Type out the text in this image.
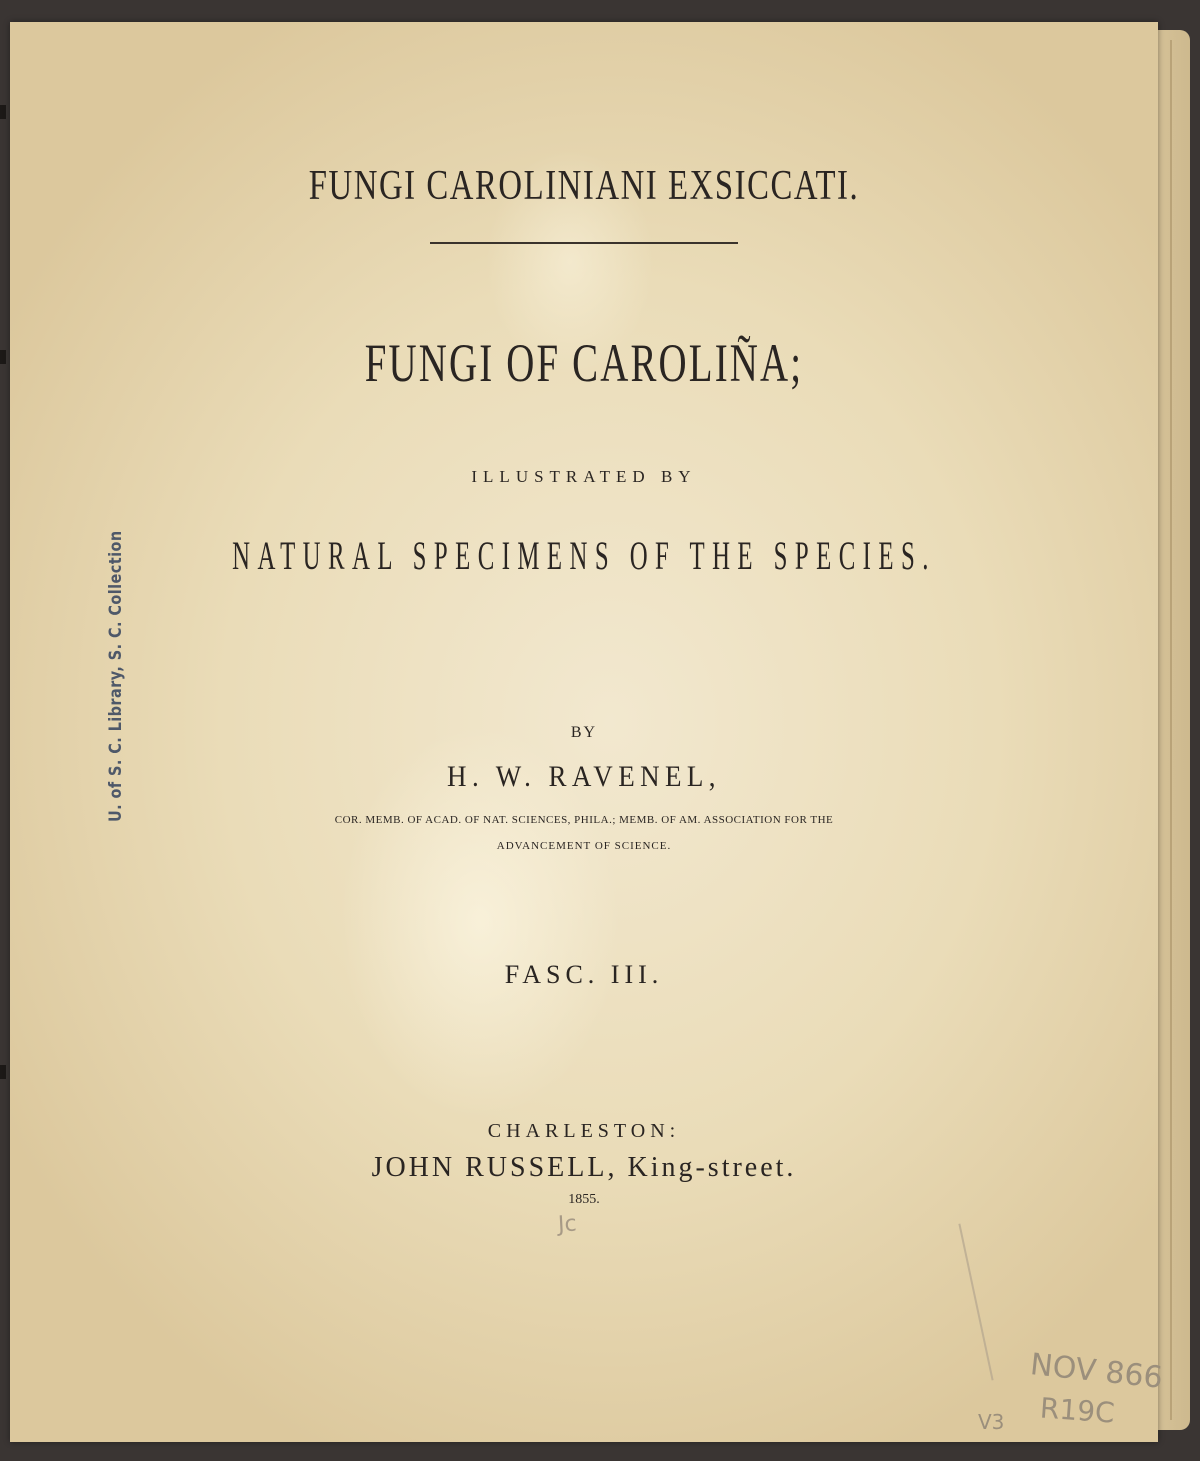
FUNGI CAROLINIANI EXSICCATI.
FUNGI OF CAROLIÑA;
ILLUSTRATED BY
NATURAL SPECIMENS OF THE SPECIES.
BY
H. W. RAVENEL,
COR. MEMB. OF ACAD. OF NAT. SCIENCES, PHILA.; MEMB. OF AM. ASSOCIATION FOR THE
ADVANCEMENT OF SCIENCE.
FASC. III.
CHARLESTON:
JOHN RUSSELL, King-street.
1855.
Jc
U. of S. C. Library, S. C. Collection
NOV 866
R19C
V3
